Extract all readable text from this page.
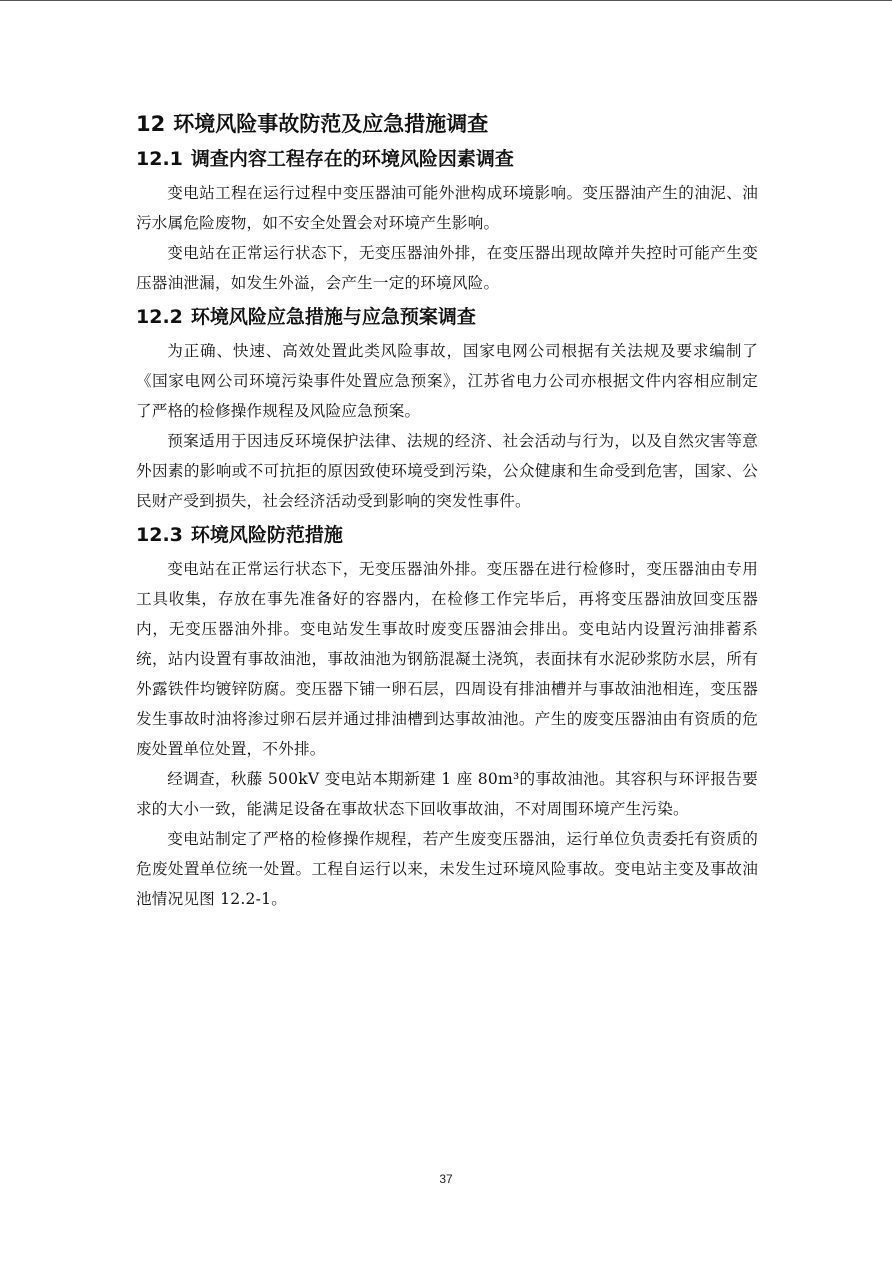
12 环境风险事故防范及应急措施调查
12.1 调查内容工程存在的环境风险因素调查

变电站工程在运行过程中变压器油可能外泄构成环境影响。变压器油产生的油泥、油污水属危险废物，如不安全处置会对环境产生影响。

变电站在正常运行状态下，无变压器油外排，在变压器出现故障并失控时可能产生变压器油泄漏，如发生外溢，会产生一定的环境风险。

12.2 环境风险应急措施与应急预案调查

为正确、快速、高效处置此类风险事故，国家电网公司根据有关法规及要求编制了《国家电网公司环境污染事件处置应急预案》，江苏省电力公司亦根据文件内容相应制定了严格的检修操作规程及风险应急预案。

预案适用于因违反环境保护法律、法规的经济、社会活动与行为，以及自然灾害等意外因素的影响或不可抗拒的原因致使环境受到污染，公众健康和生命受到危害，国家、公民财产受到损失，社会经济活动受到影响的突发性事件。

12.3 环境风险防范措施

变电站在正常运行状态下，无变压器油外排。变压器在进行检修时，变压器油由专用工具收集，存放在事先准备好的容器内，在检修工作完毕后，再将变压器油放回变压器内，无变压器油外排。变电站发生事故时废变压器油会排出。变电站内设置污油排蓄系统，站内设置有事故油池，事故油池为钢筋混凝土浇筑，表面抹有水泥砂浆防水层，所有外露铁件均镀锌防腐。变压器下铺一卵石层，四周设有排油槽并与事故油池相连，变压器发生事故时油将渗过卵石层并通过排油槽到达事故油池。产生的废变压器油由有资质的危废处置单位处置，不外排。

经调查，秋藤 500kV 变电站本期新建 1 座 80m³的事故油池。其容积与环评报告要求的大小一致，能满足设备在事故状态下回收事故油，不对周围环境产生污染。

变电站制定了严格的检修操作规程，若产生废变压器油，运行单位负责委托有资质的危废处置单位统一处置。工程自运行以来，未发生过环境风险事故。变电站主变及事故油池情况见图 12.2-1。

37
